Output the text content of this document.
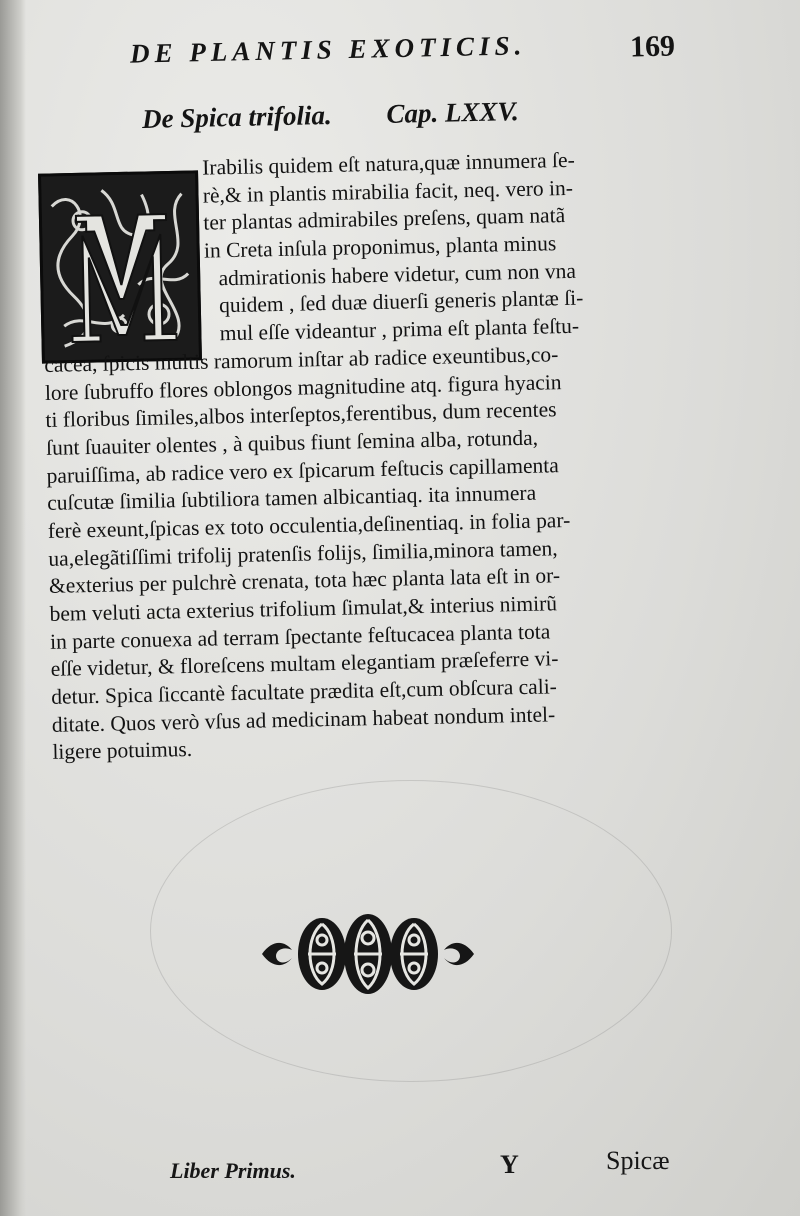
DE PLANTIS EXOTICIS.	169
De Spica trifolia. Cap. LXXV.
Irabilis quidem eſt natura,quæ innumera ſe-
rè,& in plantis mirabilia facit, neq. vero in-
ter plantas admirabiles preſens, quam natã
in Creta inſula proponimus, planta minus
admirationis habere videtur, cum non vna
quidem , ſed duæ diuerſi generis plantæ ſi-
mul eſſe videantur , prima eſt planta feſtu-
cacea, ſpicis multis ramorum inſtar ab radice exeuntibus,co-
lore ſubruffo flores oblongos magnitudine atq. figura hyacin
ti floribus ſimiles,albos interſeptos,ferentibus, dum recentes
ſunt ſuauiter olentes , à quibus fiunt ſemina alba, rotunda,
paruiſſima, ab radice vero ex ſpicarum feſtucis capillamenta
cuſcutæ ſimilia ſubtiliora tamen albicantiaq. ita innumera
ferè exeunt,ſpicas ex toto occulentia,deſinentiaq. in folia par-
ua,elegãtiſſimi trifolij pratenſis folijs, ſimilia,minora tamen,
&exterius per pulchrè crenata, tota hæc planta lata eſt in or-
bem veluti acta exterius trifolium ſimulat,& interius nimirũ
in parte conuexa ad terram ſpectante feſtucacea planta tota
eſſe videtur, & floreſcens multam elegantiam præſeferre vi-
detur. Spica ſiccantè facultate prædita eſt,cum obſcura cali-
ditate. Quos verò vſus ad medicinam habeat nondum intel-
ligere potuimus.
Liber Primus.	Y	Spicæ
